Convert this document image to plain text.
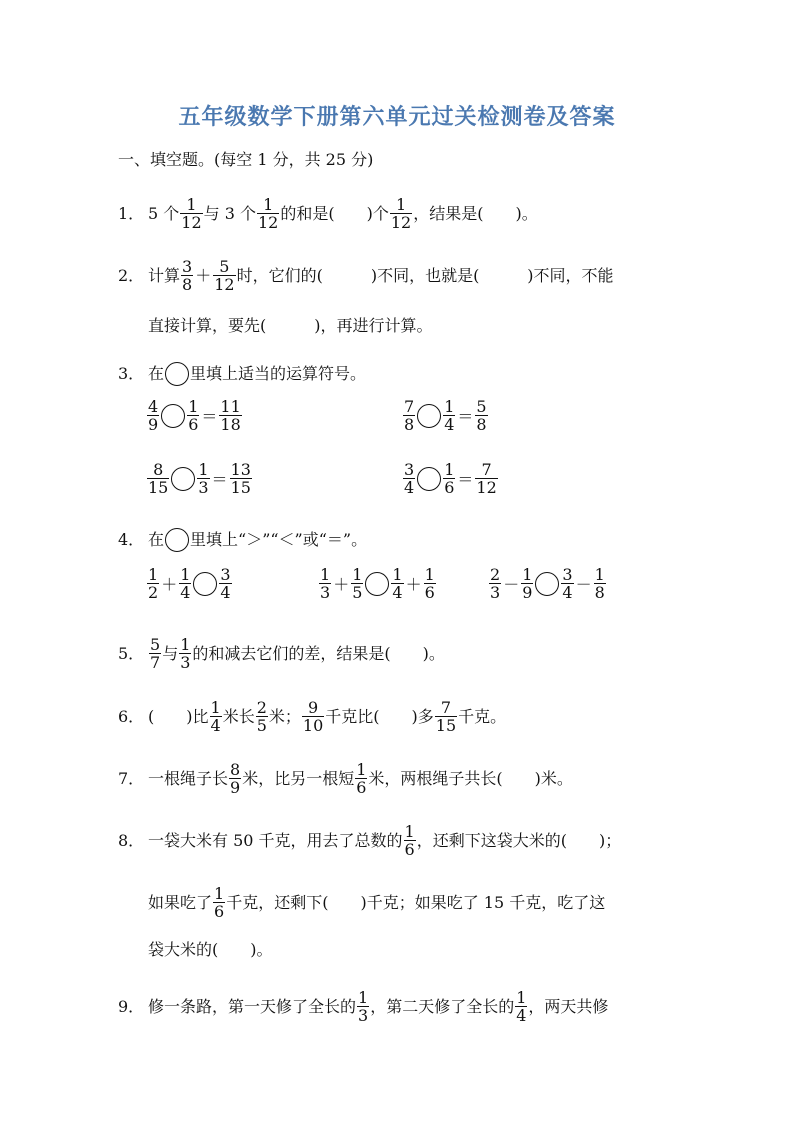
五年级数学下册第六单元过关检测卷及答案
一、填空题。(每空 1 分，共 25 分)
1． 5 个 $\frac{1}{12}$ 与 3 个 $\frac{1}{12}$ 的和是(　　)个 $\frac{1}{12}$ ，结果是(　　)。
2． 计算 $\frac{3}{8} + \frac{5}{12}$ 时，它们的(　　　)不同，也就是(　　　)不同，不能
直接计算，要先(　　　)，再进行计算。
3． 在 里填上适当的运算符号。
$\frac{4}{9} \frac{1}{6} = \frac{11}{18}$	$\frac{7}{8} \frac{1}{4} = \frac{5}{8}$
$\frac{8}{15} \frac{1}{3} = \frac{13}{15}$	$\frac{3}{4} \frac{1}{6} = \frac{7}{12}$
4． 在 里填上“＞”“＜”或“＝”。
$\frac{1}{2} + \frac{1}{4} \frac{3}{4}$	$\frac{1}{3} + \frac{1}{5} \frac{1}{4} + \frac{1}{6}$	$\frac{2}{3} - \frac{1}{9} \frac{3}{4} - \frac{1}{8}$
5． $\frac{5}{7}$ 与 $\frac{1}{3}$ 的和减去它们的差，结果是(　　)。
6． (　　)比 $\frac{1}{4}$ 米长 $\frac{2}{5}$ 米； $\frac{9}{10}$ 千克比(　　)多 $\frac{7}{15}$ 千克。
7． 一根绳子长 $\frac{8}{9}$ 米，比另一根短 $\frac{1}{6}$ 米，两根绳子共长(　　)米。
8． 一袋大米有 50 千克，用去了总数的 $\frac{1}{6}$ ，还剩下这袋大米的(　　)；
如果吃了 $\frac{1}{6}$ 千克，还剩下(　　)千克；如果吃了 15 千克，吃了这
袋大米的(　　)。
9． 修一条路，第一天修了全长的 $\frac{1}{3}$ ，第二天修了全长的 $\frac{1}{4}$ ，两天共修
